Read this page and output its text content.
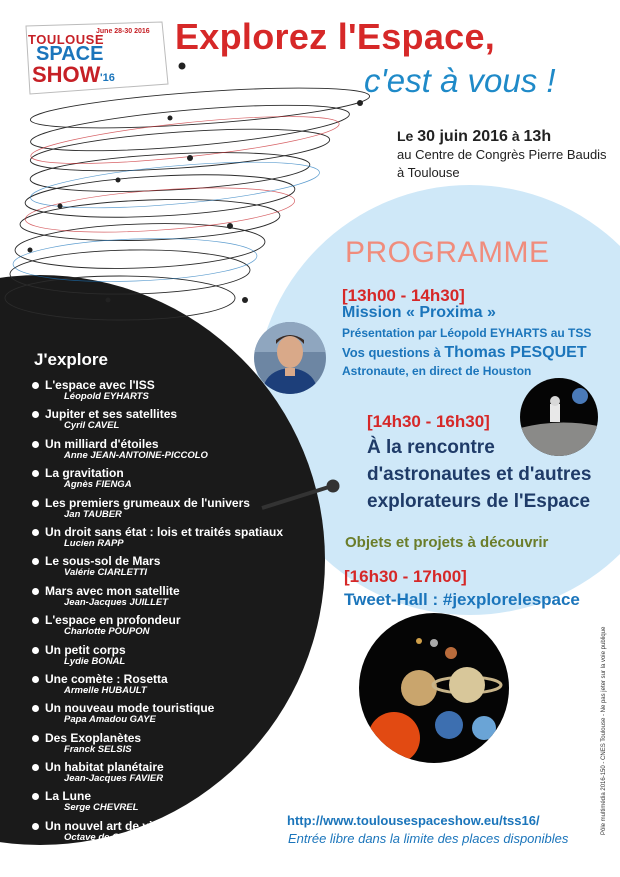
June 28-30 2016
TOULOUSE
SPACE
SHOW '16
Explorez l'Espace,
c'est à vous !
Le 30 juin 2016 à 13h
au Centre de Congrès Pierre Baudis
à Toulouse
PROGRAMME
[13h00 - 14h30]
Mission « Proxima »
Présentation par Léopold EYHARTS au TSS
Vos questions à Thomas PESQUET
Astronaute, en direct de Houston
[14h30 - 16h30]
À la rencontre
d'astronautes et d'autres
explorateurs de l'Espace
Objets et projets à découvrir
[16h30 - 17h00]
Tweet-Hall : #jexplorelespace
J'explore
L'espace avec l'ISS
Léopold EYHARTS
Jupiter et ses satellites
Cyril CAVEL
Un milliard d'étoiles
Anne JEAN-ANTOINE-PICCOLO
La gravitation
Agnès FIENGA
Les premiers grumeaux de l'univers
Jan TAUBER
Un droit sans état : lois et traités spatiaux
Lucien RAPP
Le sous-sol de Mars
Valérie CIARLETTI
Mars avec mon satellite
Jean-Jacques JUILLET
L'espace en profondeur
Charlotte POUPON
Un petit corps
Lydie BONAL
Une comète : Rosetta
Armelle HUBAULT
Un nouveau mode touristique
Papa Amadou GAYE
Des Exoplanètes
Franck SELSIS
Un habitat planétaire
Jean-Jacques FAVIER
La Lune
Serge CHEVREL
Un nouvel art de vivre
Octave de GAULLE
http://www.toulousespaceshow.eu/tss16/
Entrée libre dans la limite des places disponibles
Pôle multimédia 2016-150 - CNES Toulouse - Ne pas jeter sur la voie publique
